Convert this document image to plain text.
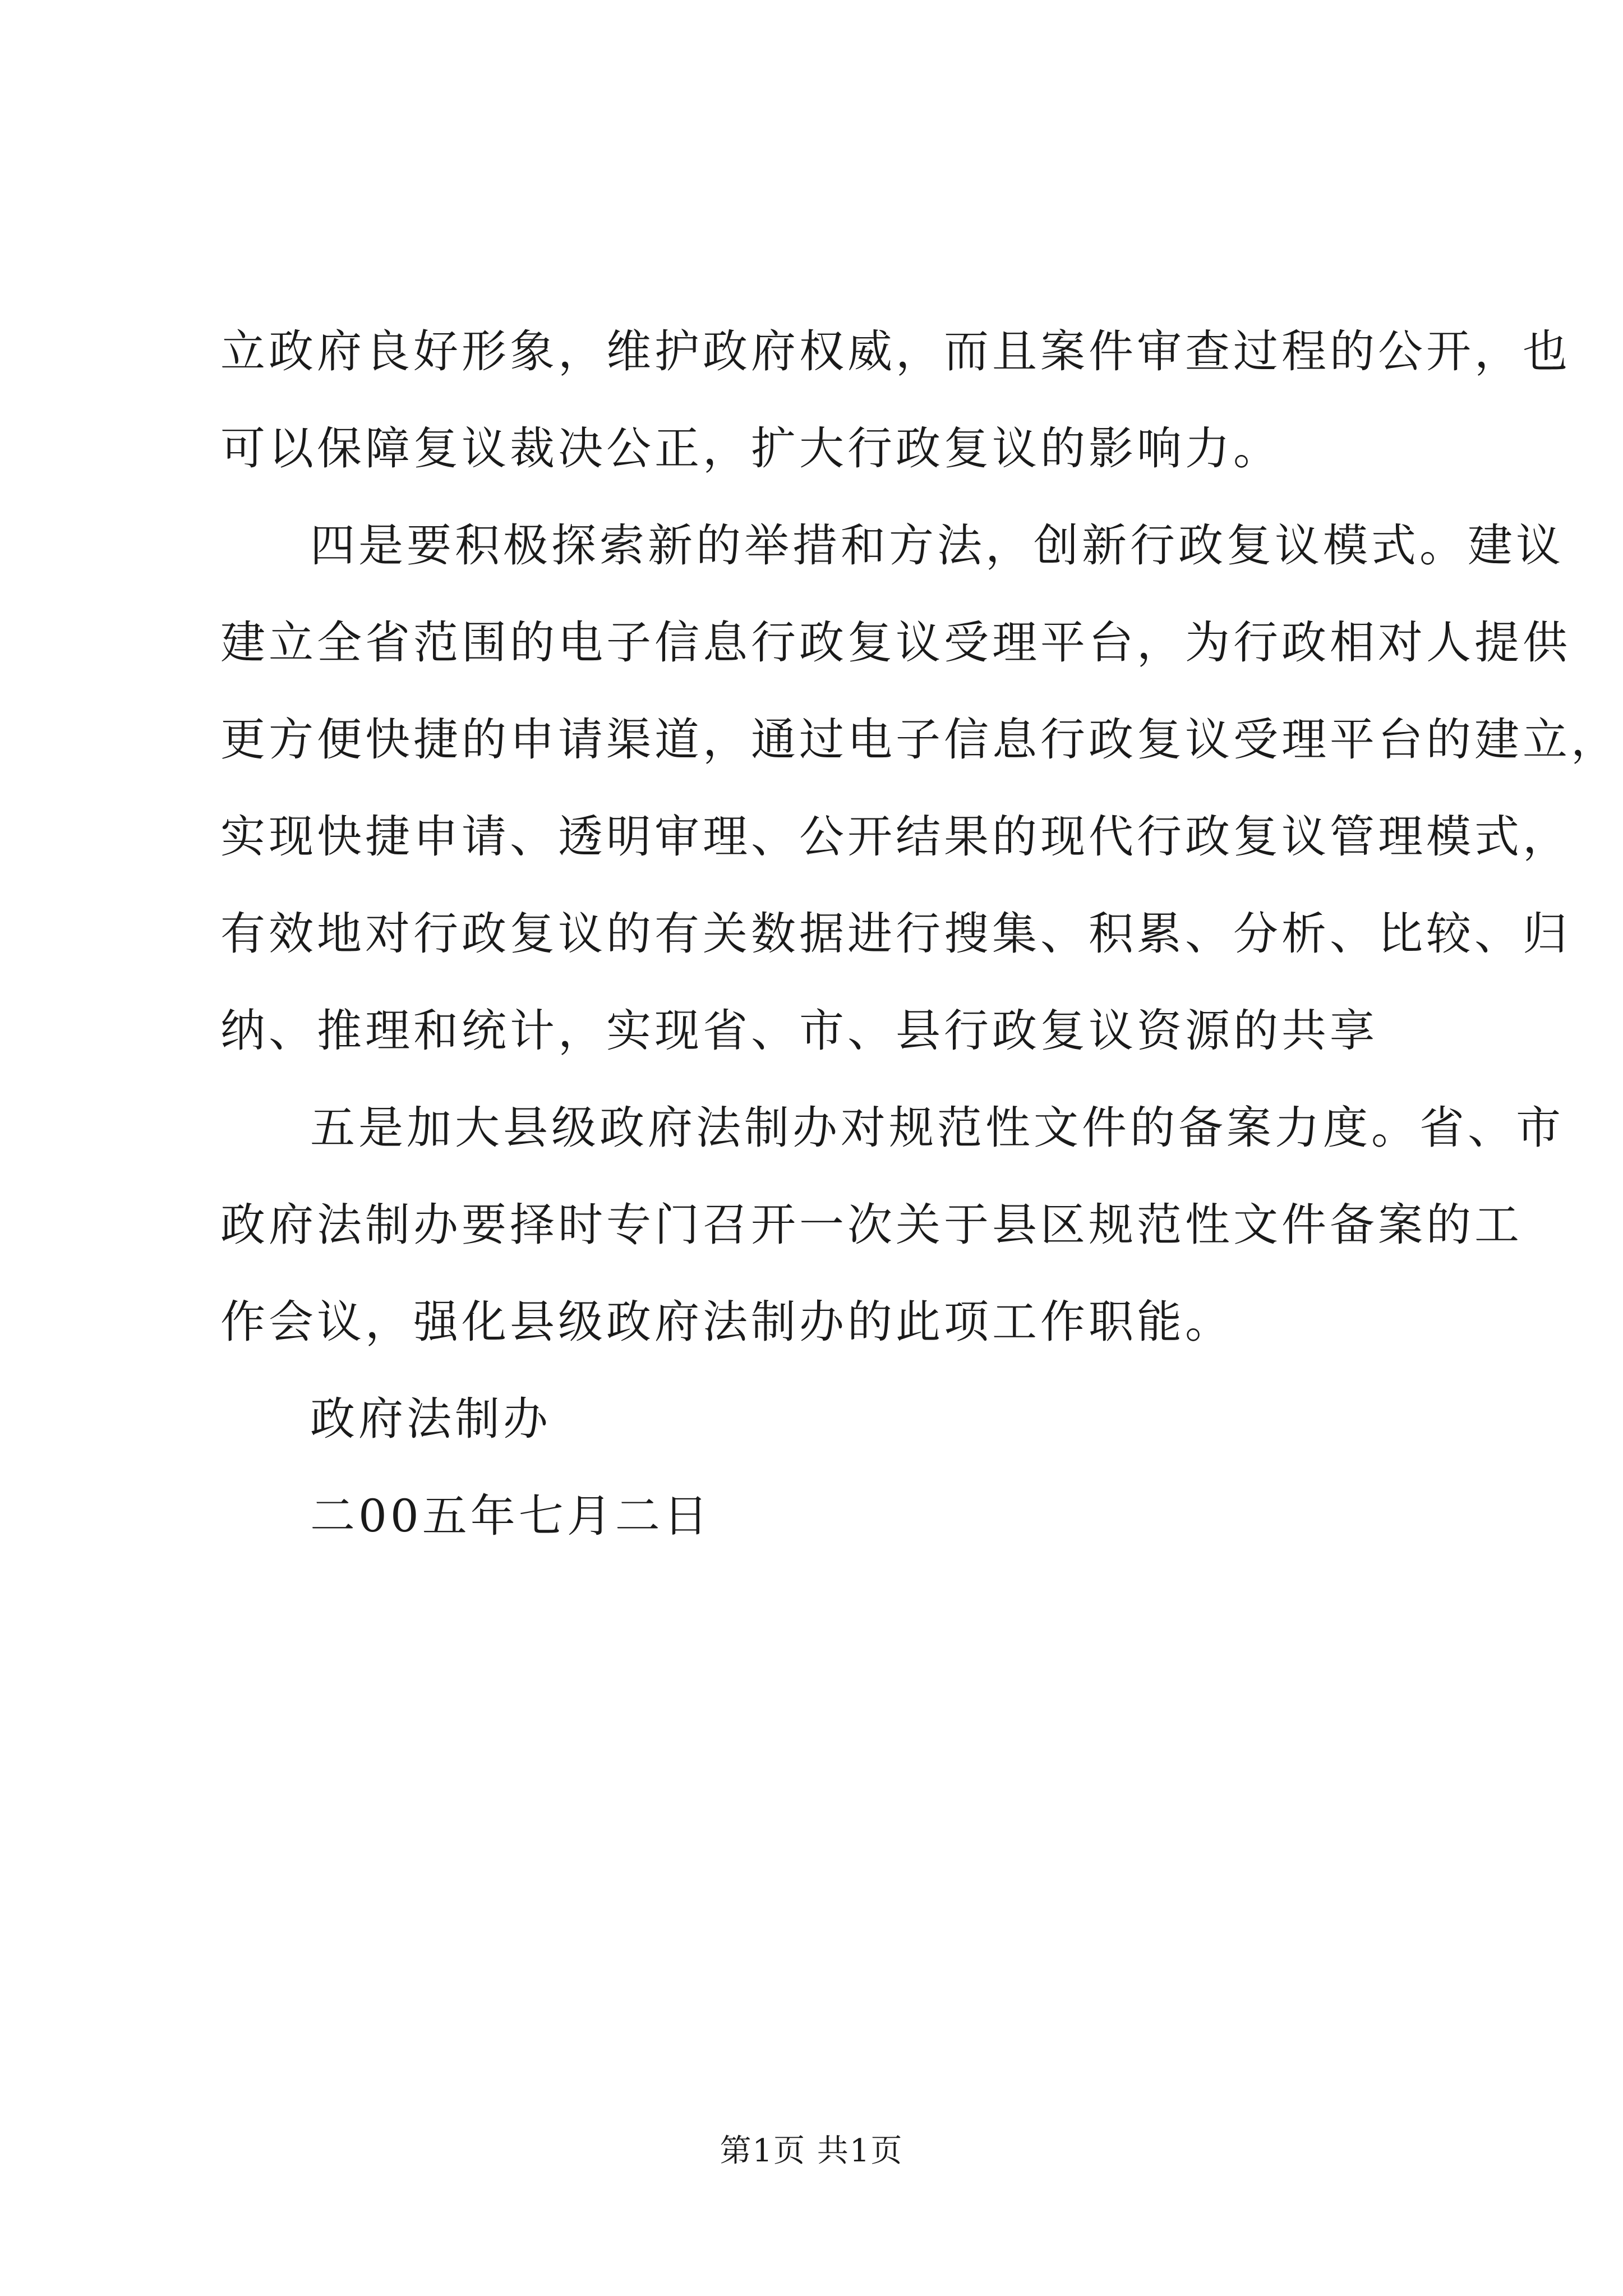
立政府良好形象，维护政府权威，而且案件审查过程的公开，也
可以保障复议裁决公正，扩大行政复议的影响力。
四是要积极探索新的举措和方法，创新行政复议模式。建议
建立全省范围的电子信息行政复议受理平台，为行政相对人提供
更方便快捷的申请渠道，通过电子信息行政复议受理平台的建立，
实现快捷申请、透明审理、公开结果的现代行政复议管理模式，
有效地对行政复议的有关数据进行搜集、积累、分析、比较、归
纳、推理和统计，实现省、市、县行政复议资源的共享
五是加大县级政府法制办对规范性文件的备案力度。省、市
政府法制办要择时专门召开一次关于县区规范性文件备案的工
作会议，强化县级政府法制办的此项工作职能。
政府法制办
二00五年七月二日
第1页 共1页
